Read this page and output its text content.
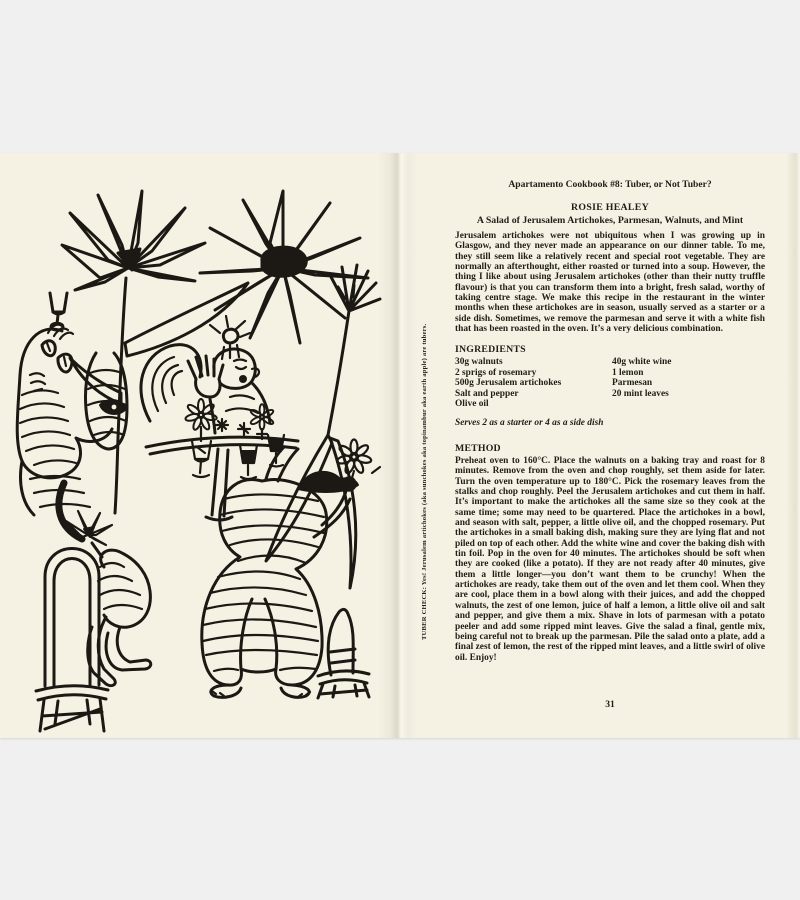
Apartamento Cookbook #8: Tuber, or Not Tuber?
ROSIE HEALEY
A Salad of Jerusalem Artichokes, Parmesan, Walnuts, and Mint
Jerusalem artichokes were not ubiquitous when I was growing up in Glasgow, and they never made an appearance on our dinner table. To me, they still seem like a relatively recent and special root vegetable. They are normally an afterthought, either roasted or turned into a soup. However, the thing I like about using Jerusalem artichokes (other than their nutty truffle flavour) is that you can transform them into a bright, fresh salad, worthy of taking centre stage. We make this recipe in the restaurant in the winter months when these artichokes are in season, usually served as a starter or a side dish. Sometimes, we remove the parmesan and serve it with a white fish that has been roasted in the oven. It’s a very delicious combination.
INGREDIENTS
30g walnuts
2 sprigs of rosemary
500g Jerusalem artichokes
Salt and pepper
Olive oil
40g white wine
1 lemon
Parmesan
20 mint leaves
Serves 2 as a starter or 4 as a side dish
METHOD
Preheat oven to 160°C. Place the walnuts on a baking tray and roast for 8 minutes. Remove from the oven and chop roughly, set them aside for later. Turn the oven temperature up to 180°C. Pick the rosemary leaves from the stalks and chop roughly. Peel the Jerusalem artichokes and cut them in half. It’s important to make the artichokes all the same size so they cook at the same time; some may need to be quartered. Place the artichokes in a bowl, and season with salt, pepper, a little olive oil, and the chopped rosemary. Put the artichokes in a small baking dish, making sure they are lying flat and not piled on top of each other. Add the white wine and cover the baking dish with tin foil. Pop in the oven for 40 minutes. The artichokes should be soft when they are cooked (like a potato). If they are not ready after 40 minutes, give them a little longer—you don’t want them to be crunchy! When the artichokes are ready, take them out of the oven and let them cool. When they are cool, place them in a bowl along with their juices, and add the chopped walnuts, the zest of one lemon, juice of half a lemon, a little olive oil and salt and pepper, and give them a mix. Shave in lots of parmesan with a potato peeler and add some ripped mint leaves. Give the salad a final, gentle mix, being careful not to break up the parmesan. Pile the salad onto a plate, add a final zest of lemon, the rest of the ripped mint leaves, and a little swirl of olive oil. Enjoy!
31
TUBER CHECK: Yes! Jerusalem artichokes (aka sunchokes aka topinambur aka earth apple) are tubers.
